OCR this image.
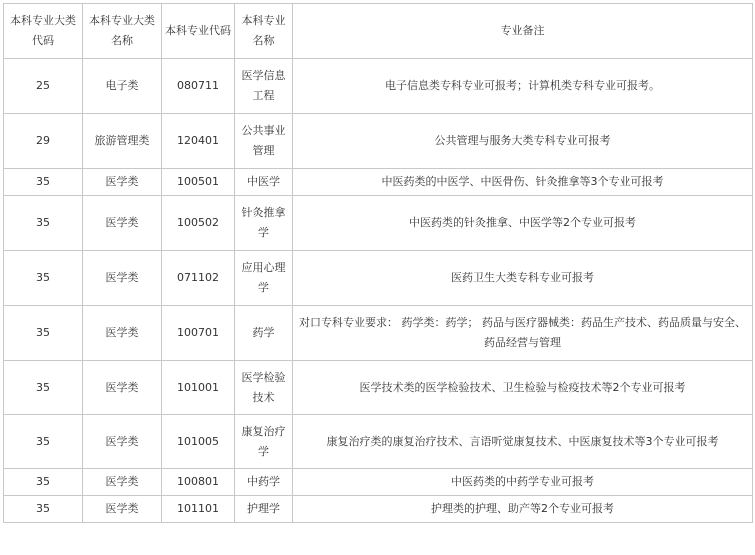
本科专业大类代码	本科专业大类名称	本科专业代码	本科专业名称	专业备注
25	电子类	080711	医学信息工程	电子信息类专科专业可报考；计算机类专科专业可报考。
29	旅游管理类	120401	公共事业管理	公共管理与服务大类专科专业可报考
35	医学类	100501	中医学	中医药类的中医学、中医骨伤、针灸推拿等3个专业可报考
35	医学类	100502	针灸推拿学	中医药类的针灸推拿、中医学等2个专业可报考
35	医学类	071102	应用心理学	医药卫生大类专科专业可报考
35	医学类	100701	药学	对口专科专业要求： 药学类：药学； 药品与医疗器械类：药品生产技术、药品质量与安全、药品经营与管理
35	医学类	101001	医学检验技术	医学技术类的医学检验技术、卫生检验与检疫技术等2个专业可报考
35	医学类	101005	康复治疗学	康复治疗类的康复治疗技术、言语听觉康复技术、中医康复技术等3个专业可报考
35	医学类	100801	中药学	中医药类的中药学专业可报考
35	医学类	101101	护理学	护理类的护理、助产等2个专业可报考
